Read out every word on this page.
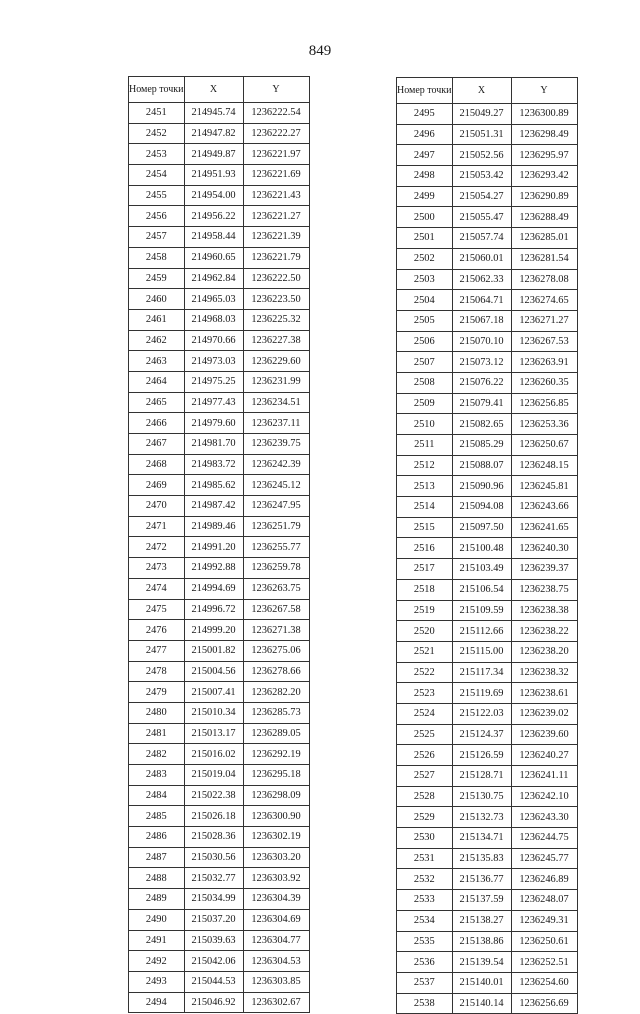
849
Номер точки	X	Y
2451	214945.74	1236222.54
2452	214947.82	1236222.27
2453	214949.87	1236221.97
2454	214951.93	1236221.69
2455	214954.00	1236221.43
2456	214956.22	1236221.27
2457	214958.44	1236221.39
2458	214960.65	1236221.79
2459	214962.84	1236222.50
2460	214965.03	1236223.50
2461	214968.03	1236225.32
2462	214970.66	1236227.38
2463	214973.03	1236229.60
2464	214975.25	1236231.99
2465	214977.43	1236234.51
2466	214979.60	1236237.11
2467	214981.70	1236239.75
2468	214983.72	1236242.39
2469	214985.62	1236245.12
2470	214987.42	1236247.95
2471	214989.46	1236251.79
2472	214991.20	1236255.77
2473	214992.88	1236259.78
2474	214994.69	1236263.75
2475	214996.72	1236267.58
2476	214999.20	1236271.38
2477	215001.82	1236275.06
2478	215004.56	1236278.66
2479	215007.41	1236282.20
2480	215010.34	1236285.73
2481	215013.17	1236289.05
2482	215016.02	1236292.19
2483	215019.04	1236295.18
2484	215022.38	1236298.09
2485	215026.18	1236300.90
2486	215028.36	1236302.19
2487	215030.56	1236303.20
2488	215032.77	1236303.92
2489	215034.99	1236304.39
2490	215037.20	1236304.69
2491	215039.63	1236304.77
2492	215042.06	1236304.53
2493	215044.53	1236303.85
2494	215046.92	1236302.67
Номер точки	X	Y
2495	215049.27	1236300.89
2496	215051.31	1236298.49
2497	215052.56	1236295.97
2498	215053.42	1236293.42
2499	215054.27	1236290.89
2500	215055.47	1236288.49
2501	215057.74	1236285.01
2502	215060.01	1236281.54
2503	215062.33	1236278.08
2504	215064.71	1236274.65
2505	215067.18	1236271.27
2506	215070.10	1236267.53
2507	215073.12	1236263.91
2508	215076.22	1236260.35
2509	215079.41	1236256.85
2510	215082.65	1236253.36
2511	215085.29	1236250.67
2512	215088.07	1236248.15
2513	215090.96	1236245.81
2514	215094.08	1236243.66
2515	215097.50	1236241.65
2516	215100.48	1236240.30
2517	215103.49	1236239.37
2518	215106.54	1236238.75
2519	215109.59	1236238.38
2520	215112.66	1236238.22
2521	215115.00	1236238.20
2522	215117.34	1236238.32
2523	215119.69	1236238.61
2524	215122.03	1236239.02
2525	215124.37	1236239.60
2526	215126.59	1236240.27
2527	215128.71	1236241.11
2528	215130.75	1236242.10
2529	215132.73	1236243.30
2530	215134.71	1236244.75
2531	215135.83	1236245.77
2532	215136.77	1236246.89
2533	215137.59	1236248.07
2534	215138.27	1236249.31
2535	215138.86	1236250.61
2536	215139.54	1236252.51
2537	215140.01	1236254.60
2538	215140.14	1236256.69
